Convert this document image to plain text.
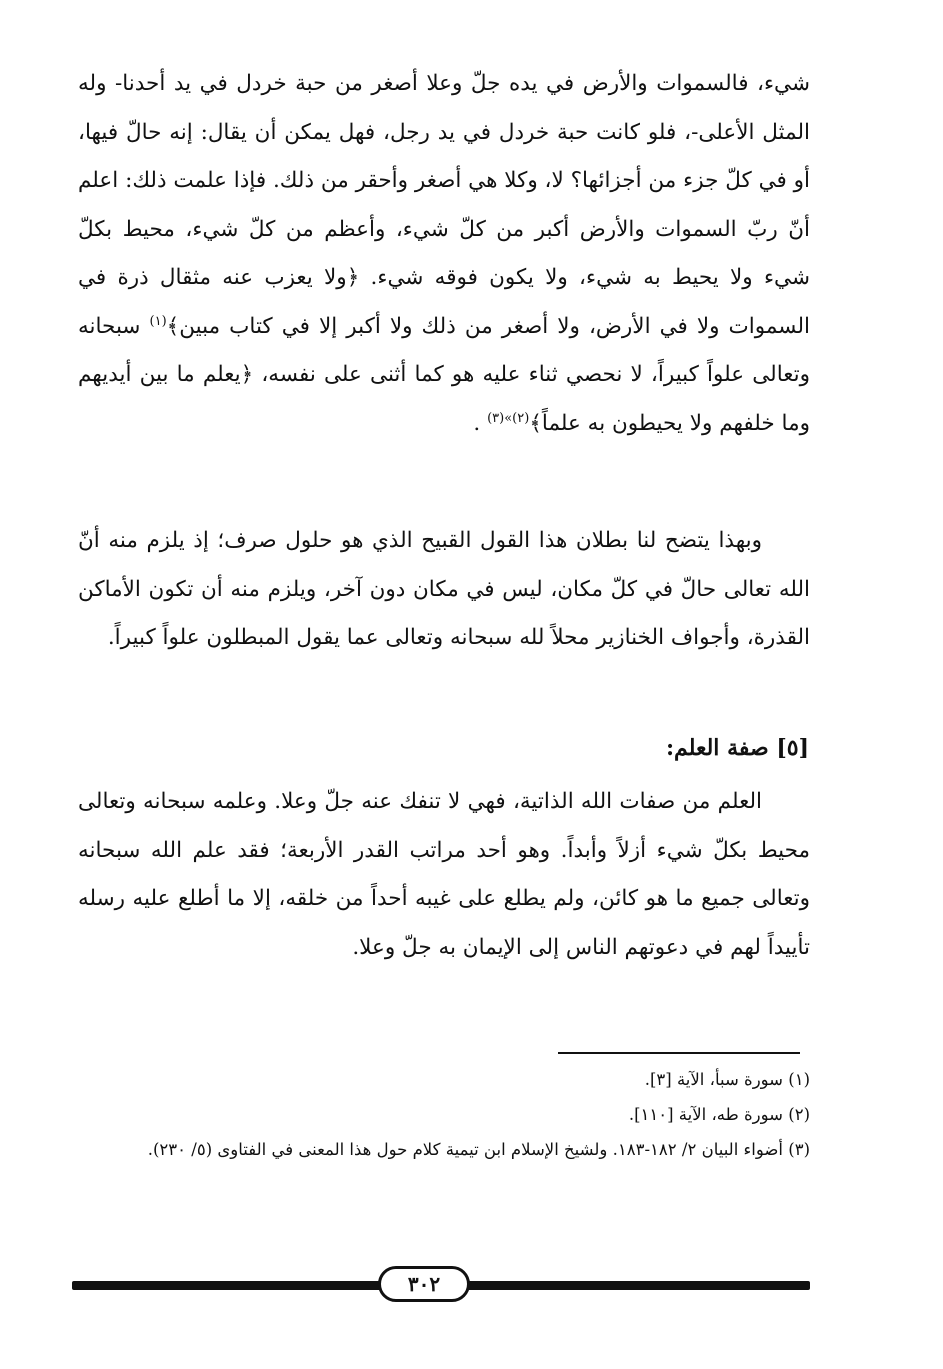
شيء، فالسموات والأرض في يده جلّ وعلا أصغر من حبة خردل في يد أحدنا- وله المثل الأعلى-، فلو كانت حبة خردل في يد رجل، فهل يمكن أن يقال: إنه حالّ فيها، أو في كلّ جزء من أجزائها؟ لا، وكلا هي أصغر وأحقر من ذلك. فإذا علمت ذلك: اعلم أنّ ربّ السموات والأرض أكبر من كلّ شيء، وأعظم من كلّ شيء، محيط بكلّ شيء ولا يحيط به شيء، ولا يكون فوقه شيء. ﴿ولا يعزب عنه مثقال ذرة في السموات ولا في الأرض، ولا أصغر من ذلك ولا أكبر إلا في كتاب مبين﴾$^{(١)}$ سبحانه وتعالى علواً كبيراً، لا نحصي ثناء عليه هو كما أثنى على نفسه، ﴿يعلم ما بين أيديهم وما خلفهم ولا يحيطون به علماً﴾$^{(٢)»(٣)}$ .
وبهذا يتضح لنا بطلان هذا القول القبيح الذي هو حلول صرف؛ إذ يلزم منه أنّ الله تعالى حالّ في كلّ مكان، ليس في مكان دون آخر، ويلزم منه أن تكون الأماكن القذرة، وأجواف الخنازير محلاً لله سبحانه وتعالى عما يقول المبطلون علواً كبيراً.
[٥] صفة العلم:
العلم من صفات الله الذاتية، فهي لا تنفك عنه جلّ وعلا. وعلمه سبحانه وتعالى محيط بكلّ شيء أزلاً وأبداً. وهو أحد مراتب القدر الأربعة؛ فقد علم الله سبحانه وتعالى جميع ما هو كائن، ولم يطلع على غيبه أحداً من خلقه، إلا ما أطلع عليه رسله تأييداً لهم في دعوتهم الناس إلى الإيمان به جلّ وعلا.
(١) سورة سبأ، الآية [٣].
(٢) سورة طه، الآية [١١٠].
(٣) أضواء البيان ٢/ ١٨٢-١٨٣. ولشيخ الإسلام ابن تيمية كلام حول هذا المعنى في الفتاوى (٥/ ٢٣٠).
٣٠٢
